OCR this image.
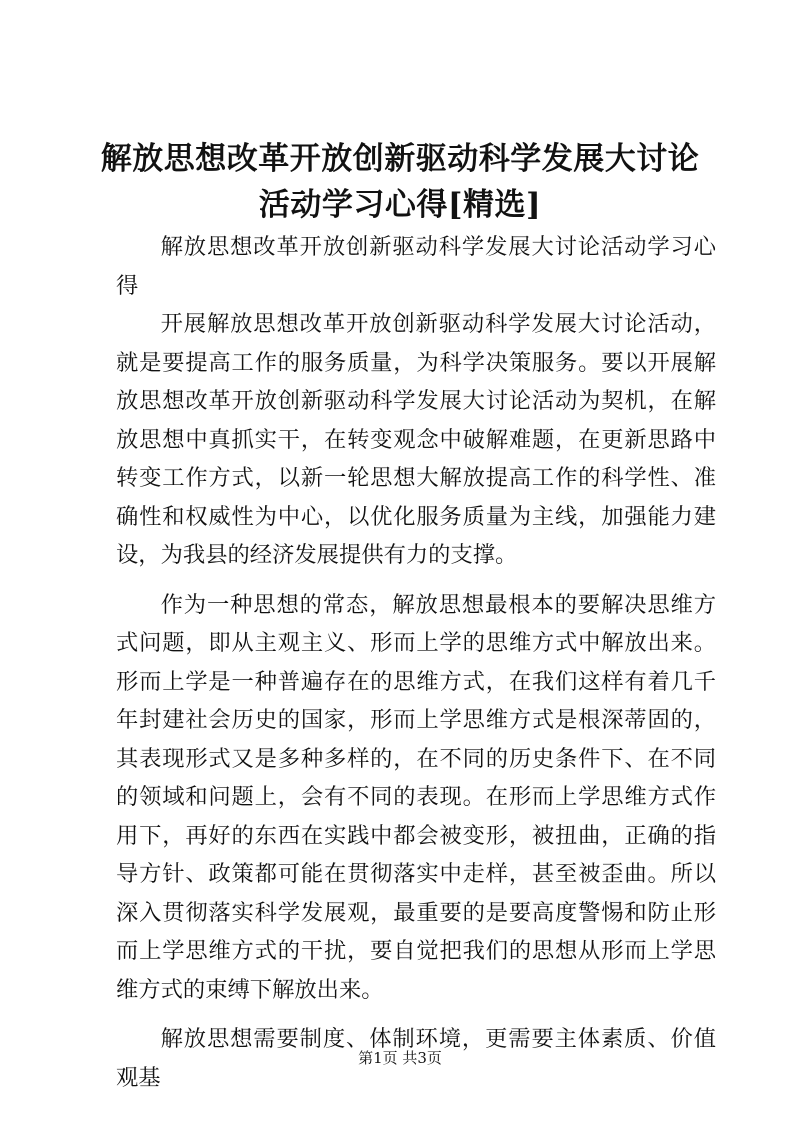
解放思想改革开放创新驱动科学发展大讨论活动学习心得[精选]

解放思想改革开放创新驱动科学发展大讨论活动学习心得

开展解放思想改革开放创新驱动科学发展大讨论活动，就是要提高工作的服务质量，为科学决策服务。要以开展解放思想改革开放创新驱动科学发展大讨论活动为契机，在解放思想中真抓实干，在转变观念中破解难题，在更新思路中转变工作方式，以新一轮思想大解放提高工作的科学性、准确性和权威性为中心，以优化服务质量为主线，加强能力建设，为我县的经济发展提供有力的支撑。

作为一种思想的常态，解放思想最根本的要解决思维方式问题，即从主观主义、形而上学的思维方式中解放出来。形而上学是一种普遍存在的思维方式，在我们这样有着几千年封建社会历史的国家，形而上学思维方式是根深蒂固的，其表现形式又是多种多样的，在不同的历史条件下、在不同的领域和问题上，会有不同的表现。在形而上学思维方式作用下，再好的东西在实践中都会被变形，被扭曲，正确的指导方针、政策都可能在贯彻落实中走样，甚至被歪曲。所以深入贯彻落实科学发展观，最重要的是要高度警惕和防止形而上学思维方式的干扰，要自觉把我们的思想从形而上学思维方式的束缚下解放出来。

解放思想需要制度、体制环境，更需要主体素质、价值观基

第1页 共3页
